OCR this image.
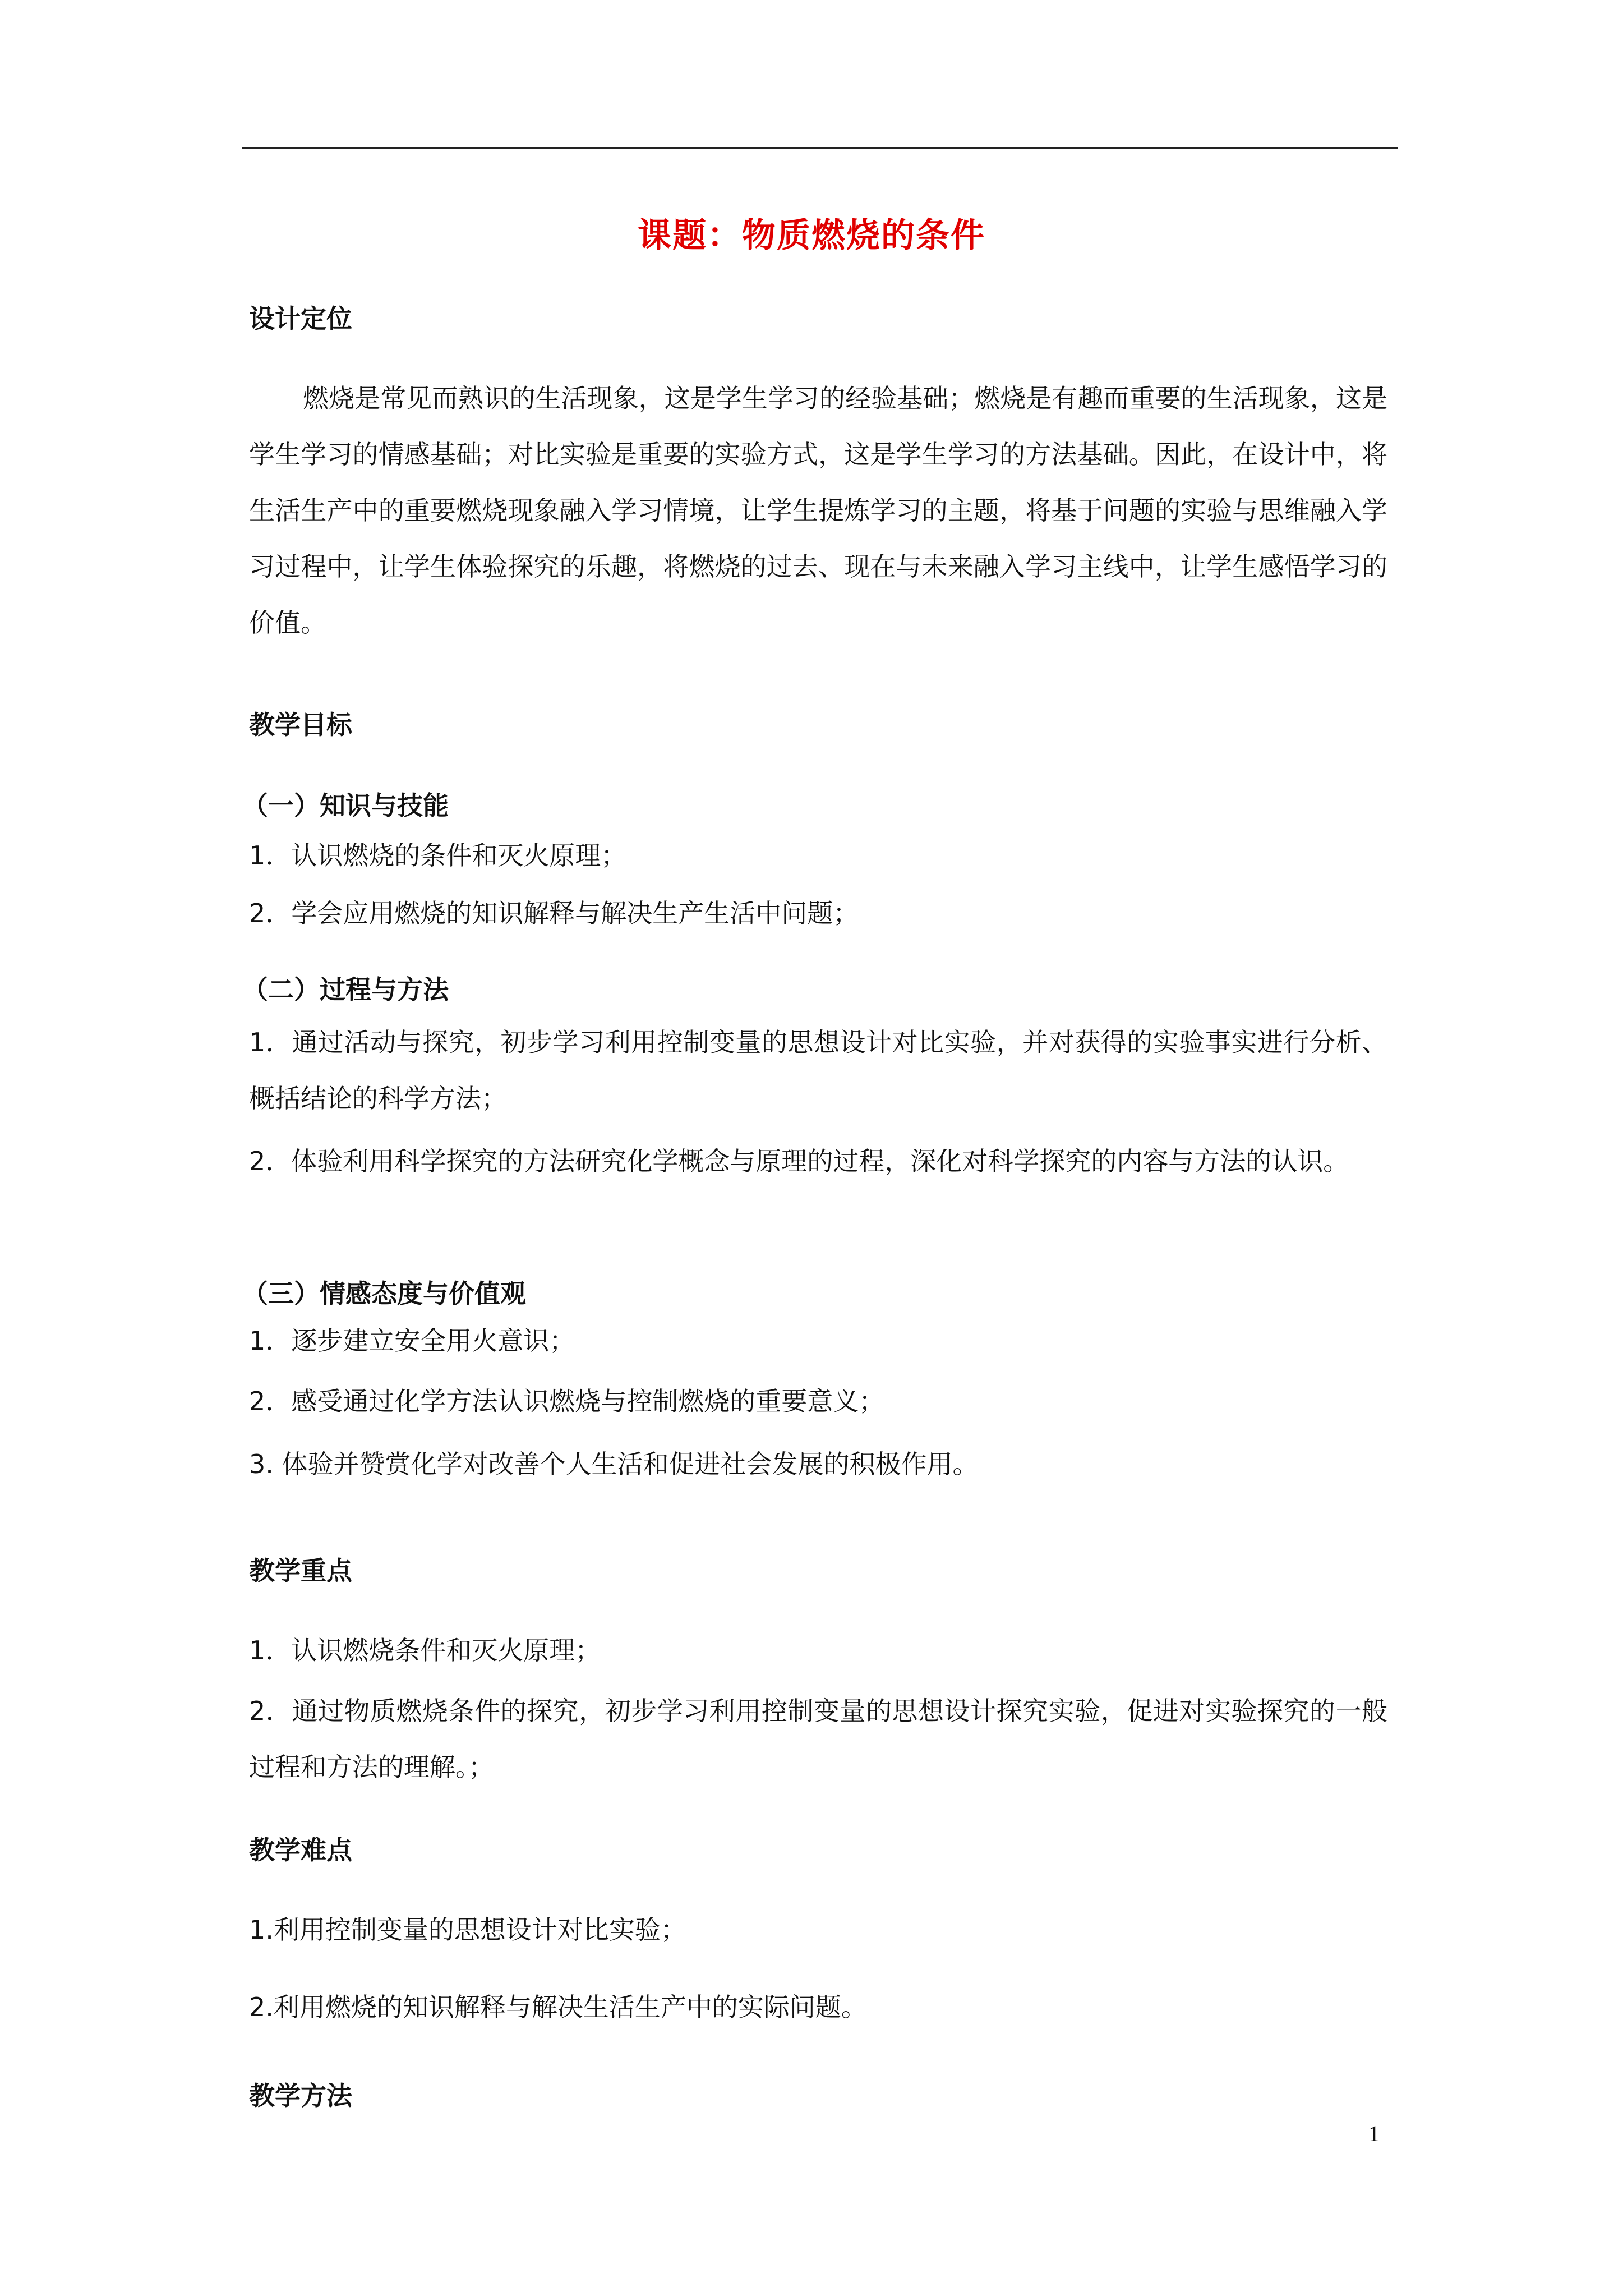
课题：物质燃烧的条件
设计定位
燃烧是常见而熟识的生活现象，这是学生学习的经验基础；燃烧是有趣而重要的生活现象，这是学生学习的情感基础；对比实验是重要的实验方式，这是学生学习的方法基础。因此，在设计中，将生活生产中的重要燃烧现象融入学习情境，让学生提炼学习的主题，将基于问题的实验与思维融入学习过程中，让学生体验探究的乐趣，将燃烧的过去、现在与未来融入学习主线中，让学生感悟学习的价值。
教学目标
（一）知识与技能
1．认识燃烧的条件和灭火原理；
2．学会应用燃烧的知识解释与解决生产生活中问题；
（二）过程与方法
1．通过活动与探究，初步学习利用控制变量的思想设计对比实验，并对获得的实验事实进行分析、概括结论的科学方法；
2．体验利用科学探究的方法研究化学概念与原理的过程，深化对科学探究的内容与方法的认识。
（三）情感态度与价值观
1．逐步建立安全用火意识；
2．感受通过化学方法认识燃烧与控制燃烧的重要意义；
3. 体验并赞赏化学对改善个人生活和促进社会发展的积极作用。
教学重点
1．认识燃烧条件和灭火原理；
2．通过物质燃烧条件的探究，初步学习利用控制变量的思想设计探究实验，促进对实验探究的一般过程和方法的理解。；
教学难点
1.利用控制变量的思想设计对比实验；
2.利用燃烧的知识解释与解决生活生产中的实际问题。
教学方法
1
